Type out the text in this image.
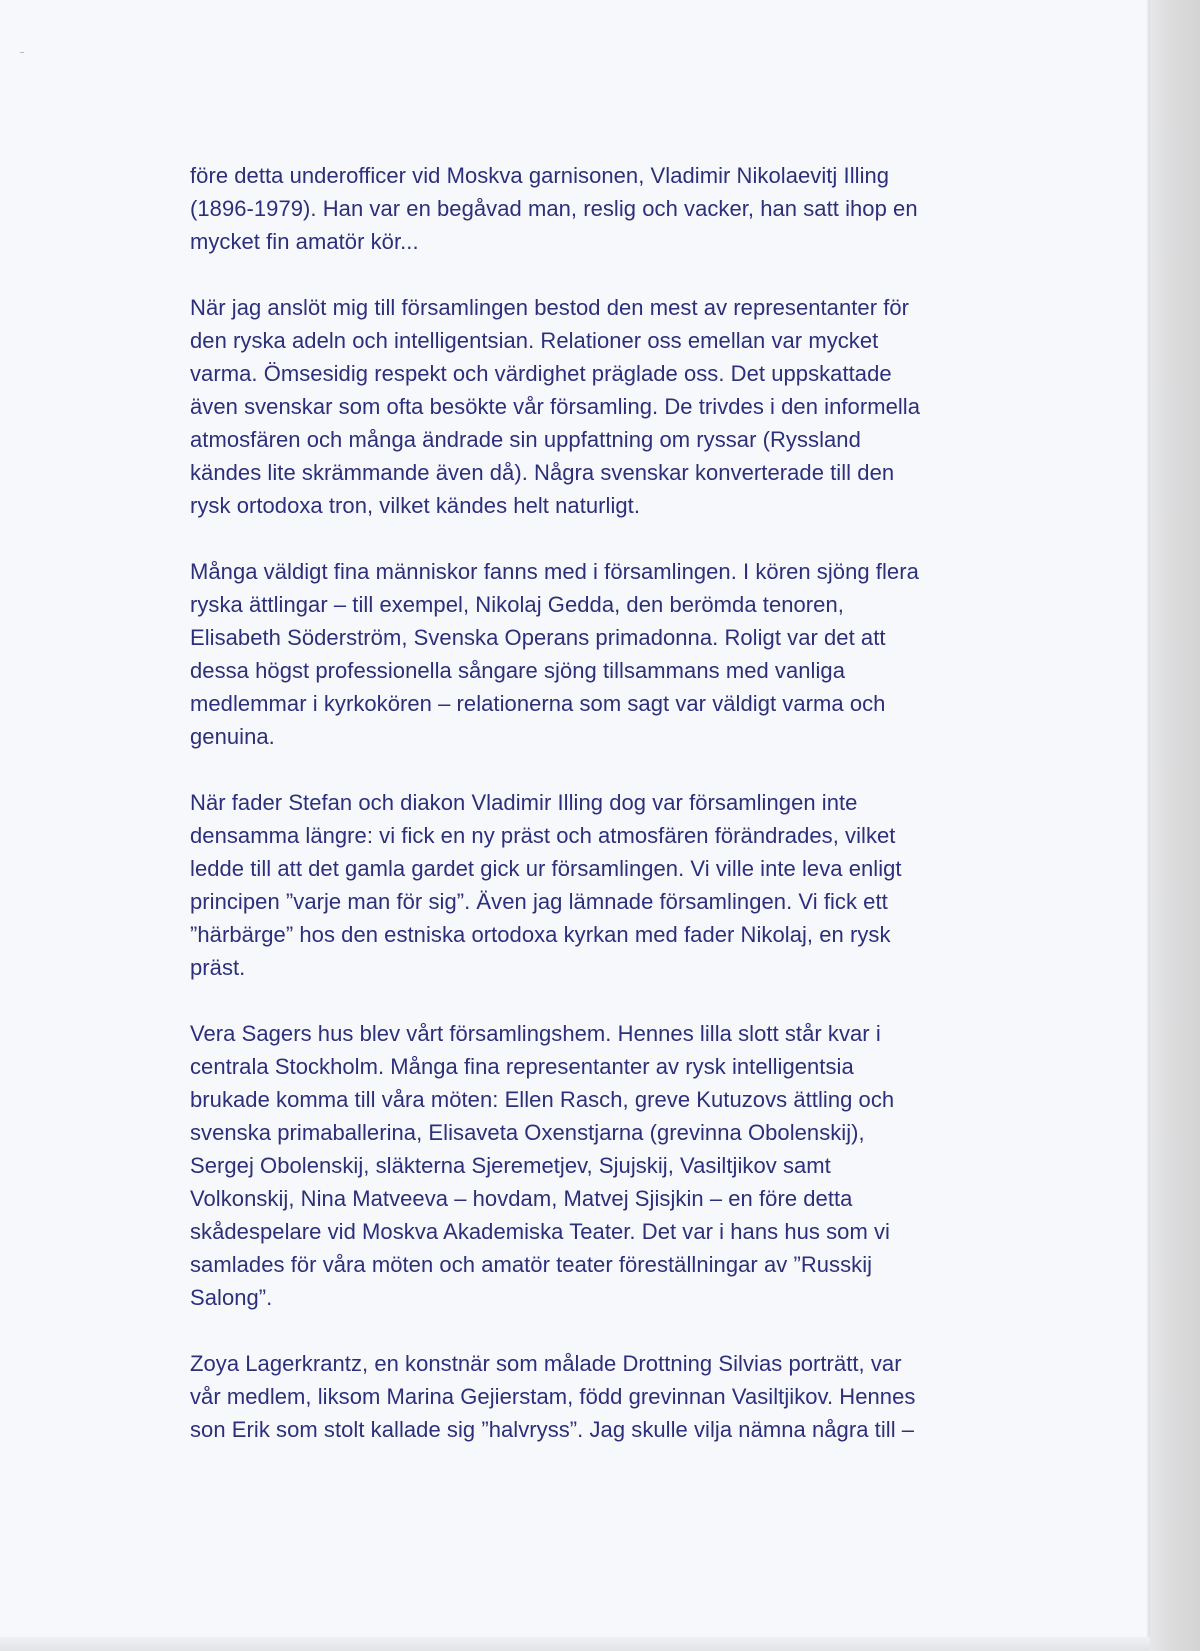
före detta underofficer vid Moskva garnisonen, Vladimir Nikolaevitj Illing
(1896-1979). Han var en begåvad man, reslig och vacker, han satt ihop en
mycket fin amatör kör...
När jag anslöt mig till församlingen bestod den mest av representanter för
den ryska adeln och intelligentsian. Relationer oss emellan var mycket
varma. Ömsesidig respekt och värdighet präglade oss. Det uppskattade
även svenskar som ofta besökte vår församling. De trivdes i den informella
atmosfären och många ändrade sin uppfattning om ryssar (Ryssland
kändes lite skrämmande även då). Några svenskar konverterade till den
rysk ortodoxa tron, vilket kändes helt naturligt.
Många väldigt fina människor fanns med i församlingen. I kören sjöng flera
ryska ättlingar – till exempel, Nikolaj Gedda, den berömda tenoren,
Elisabeth Söderström, Svenska Operans primadonna. Roligt var det att
dessa högst professionella sångare sjöng tillsammans med vanliga
medlemmar i kyrkokören – relationerna som sagt var väldigt varma och
genuina.
När fader Stefan och diakon Vladimir Illing dog var församlingen inte
densamma längre: vi fick en ny präst och atmosfären förändrades, vilket
ledde till att det gamla gardet gick ur församlingen. Vi ville inte leva enligt
principen ”varje man för sig”. Även jag lämnade församlingen. Vi fick ett
”härbärge” hos den estniska ortodoxa kyrkan med fader Nikolaj, en rysk
präst.
Vera Sagers hus blev vårt församlingshem. Hennes lilla slott står kvar i
centrala Stockholm. Många fina representanter av rysk intelligentsia
brukade komma till våra möten: Ellen Rasch, greve Kutuzovs ättling och
svenska primaballerina, Elisaveta Oxenstjarna (grevinna Obolenskij),
Sergej Obolenskij, släkterna Sjeremetjev, Sjujskij, Vasiltjikov samt
Volkonskij, Nina Matveeva – hovdam, Matvej Sjisjkin – en före detta
skådespelare vid Moskva Akademiska Teater. Det var i hans hus som vi
samlades för våra möten och amatör teater föreställningar av ”Russkij
Salong”.
Zoya Lagerkrantz, en konstnär som målade Drottning Silvias porträtt, var
vår medlem, liksom Marina Gejierstam, född grevinnan Vasiltjikov. Hennes
son Erik som stolt kallade sig ”halvryss”. Jag skulle vilja nämna några till –
